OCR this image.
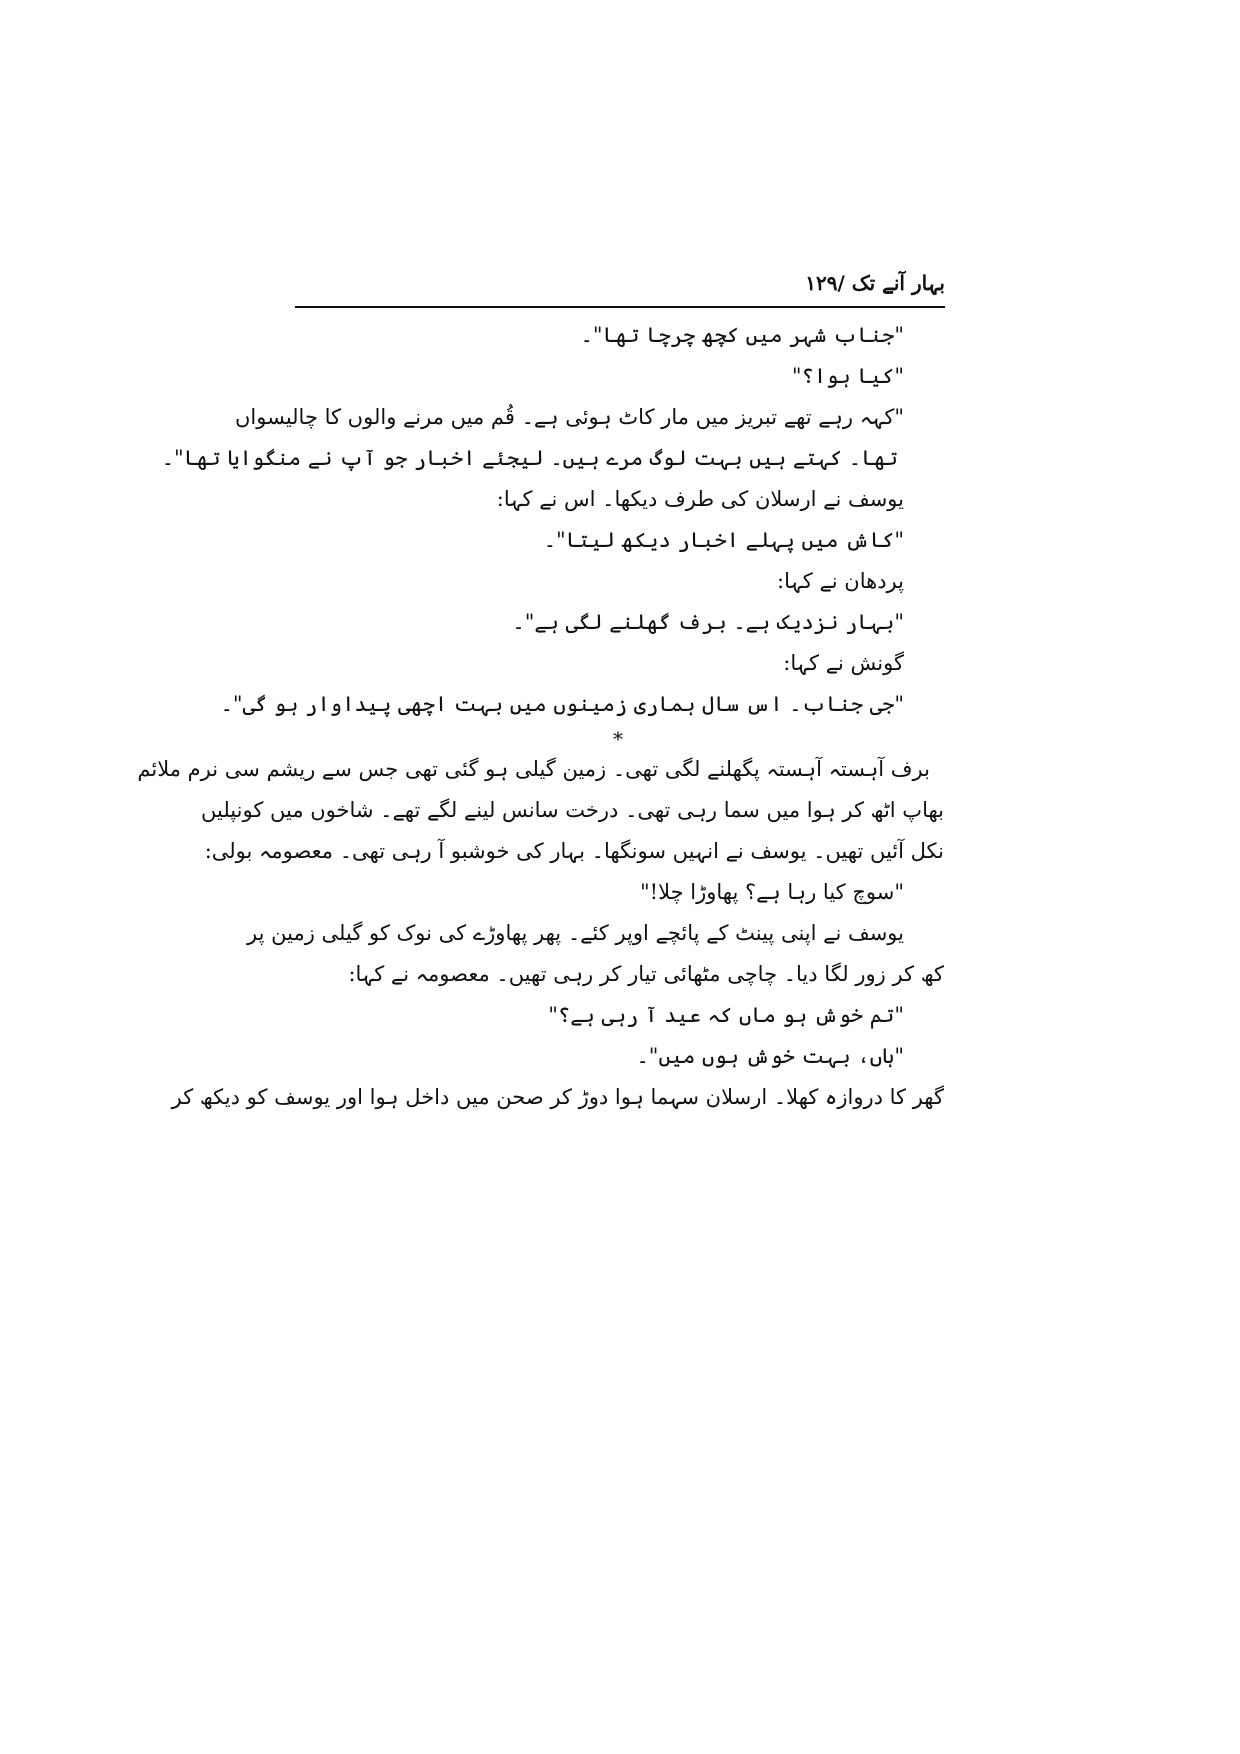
بہار آنے تک /۱۲۹
"جناب شہر میں کچھ چرچا تھا"۔
"کیا ہوا؟"
"کہہ رہے تھے تبریز میں مار کاٹ ہوئی ہے۔ قُم میں مرنے والوں کا چالیسواں
تھا۔ کہتے ہیں بہت لوگ مرے ہیں۔ لیجئے اخبار جو آپ نے منگوایا تھا"۔
یوسف نے ارسلان کی طرف دیکھا۔ اس نے کہا:
"کاش میں پہلے اخبار دیکھ لیتا"۔
پردھان نے کہا:
"بہار نزدیک ہے۔ برف گھلنے لگی ہے"۔
گونش نے کہا:
"جی جناب۔ اس سال ہماری زمینوں میں بہت اچھی پیداوار ہو گی"۔
*
برف آہستہ آہستہ پگھلنے لگی تھی۔ زمین گیلی ہو گئی تھی جس سے ریشم سی نرم ملائم
بھاپ اٹھ کر ہوا میں سما رہی تھی۔ درخت سانس لینے لگے تھے۔ شاخوں میں کونپلیں
نکل آئیں تھیں۔ یوسف نے انہیں سونگھا۔ بہار کی خوشبو آ رہی تھی۔ معصومہ بولی:
"سوچ کیا رہا ہے؟ پھاوڑا چلا!"
یوسف نے اپنی پینٹ کے پائچے اوپر کئے۔ پھر پھاوڑے کی نوک کو گیلی زمین پر
کھ کر زور لگا دیا۔ چاچی مٹھائی تیار کر رہی تھیں۔ معصومہ نے کہا:
"تم خوش ہو ماں کہ عید آ رہی ہے؟"
"ہاں، بہت خوش ہوں میں"۔
گھر کا دروازہ کھلا۔ ارسلان سہما ہوا دوڑ کر صحن میں داخل ہوا اور یوسف کو دیکھ کر
